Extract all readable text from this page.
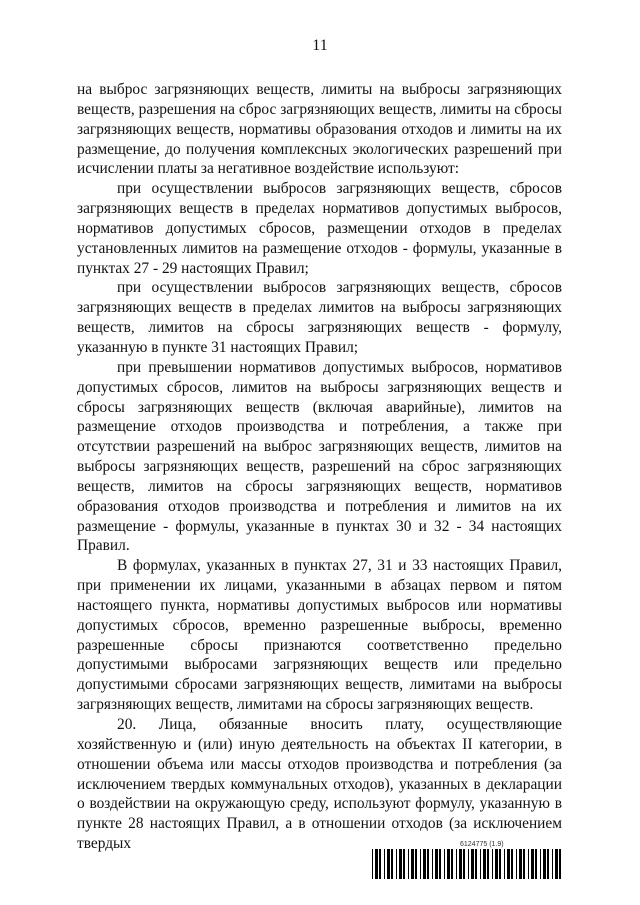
11

на выброс загрязняющих веществ, лимиты на выбросы загрязняющих веществ, разрешения на сброс загрязняющих веществ, лимиты на сбросы загрязняющих веществ, нормативы образования отходов и лимиты на их размещение, до получения комплексных экологических разрешений при исчислении платы за негативное воздействие используют:

при осуществлении выбросов загрязняющих веществ, сбросов загрязняющих веществ в пределах нормативов допустимых выбросов, нормативов допустимых сбросов, размещении отходов в пределах установленных лимитов на размещение отходов - формулы, указанные в пунктах 27 - 29 настоящих Правил;

при осуществлении выбросов загрязняющих веществ, сбросов загрязняющих веществ в пределах лимитов на выбросы загрязняющих веществ, лимитов на сбросы загрязняющих веществ - формулу, указанную в пункте 31 настоящих Правил;

при превышении нормативов допустимых выбросов, нормативов допустимых сбросов, лимитов на выбросы загрязняющих веществ и сбросы загрязняющих веществ (включая аварийные), лимитов на размещение отходов производства и потребления, а также при отсутствии разрешений на выброс загрязняющих веществ, лимитов на выбросы загрязняющих веществ, разрешений на сброс загрязняющих веществ, лимитов на сбросы загрязняющих веществ, нормативов образования отходов производства и потребления и лимитов на их размещение - формулы, указанные в пунктах 30 и 32 - 34 настоящих Правил.

В формулах, указанных в пунктах 27, 31 и 33 настоящих Правил, при применении их лицами, указанными в абзацах первом и пятом настоящего пункта, нормативы допустимых выбросов или нормативы допустимых сбросов, временно разрешенные выбросы, временно разрешенные сбросы признаются соответственно предельно допустимыми выбросами загрязняющих веществ или предельно допустимыми сбросами загрязняющих веществ, лимитами на выбросы загрязняющих веществ, лимитами на сбросы загрязняющих веществ.

20. Лица, обязанные вносить плату, осуществляющие хозяйственную и (или) иную деятельность на объектах II категории, в отношении объема или массы отходов производства и потребления (за исключением твердых коммунальных отходов), указанных в декларации о воздействии на окружающую среду, используют формулу, указанную в пункте 28 настоящих Правил, а в отношении отходов (за исключением твердых	6124775 (1.9)
